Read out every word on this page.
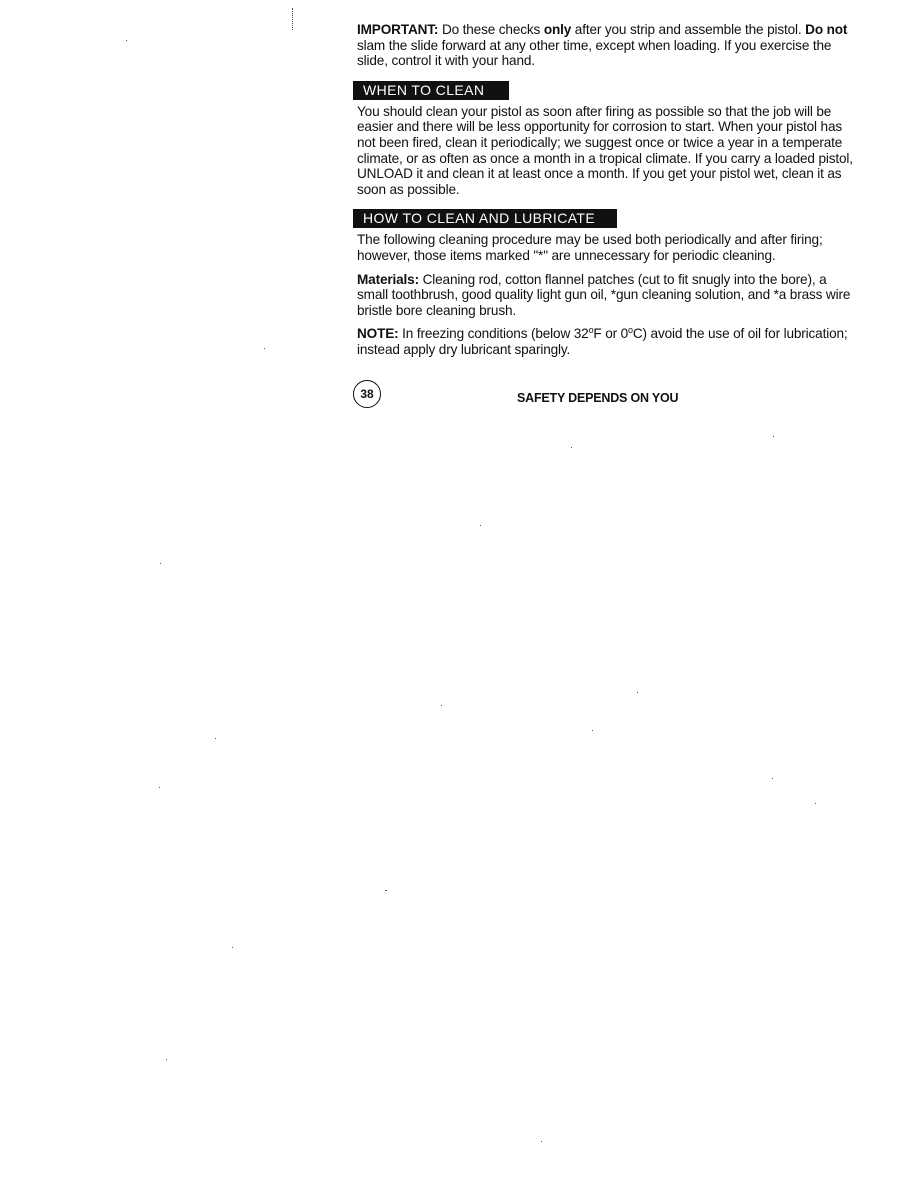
IMPORTANT: Do these checks only after you strip and assemble the pistol. Do not slam the slide forward at any other time, except when loading. If you exercise the slide, control it with your hand.

WHEN TO CLEAN

You should clean your pistol as soon after firing as possible so that the job will be easier and there will be less opportunity for corrosion to start. When your pistol has not been fired, clean it periodically; we suggest once or twice a year in a temperate climate, or as often as once a month in a tropical climate. If you carry a loaded pistol, UNLOAD it and clean it at least once a month. If you get your pistol wet, clean it as soon as possible.

HOW TO CLEAN AND LUBRICATE

The following cleaning procedure may be used both periodically and after firing; however, those items marked "*" are unnecessary for periodic cleaning.

Materials: Cleaning rod, cotton flannel patches (cut to fit snugly into the bore), a small toothbrush, good quality light gun oil, *gun cleaning solution, and *a brass wire bristle bore cleaning brush.

NOTE: In freezing conditions (below 32$^o$F or 0$^o$C) avoid the use of oil for lubrication; instead apply dry lubricant sparingly.

38	SAFETY DEPENDS ON YOU
